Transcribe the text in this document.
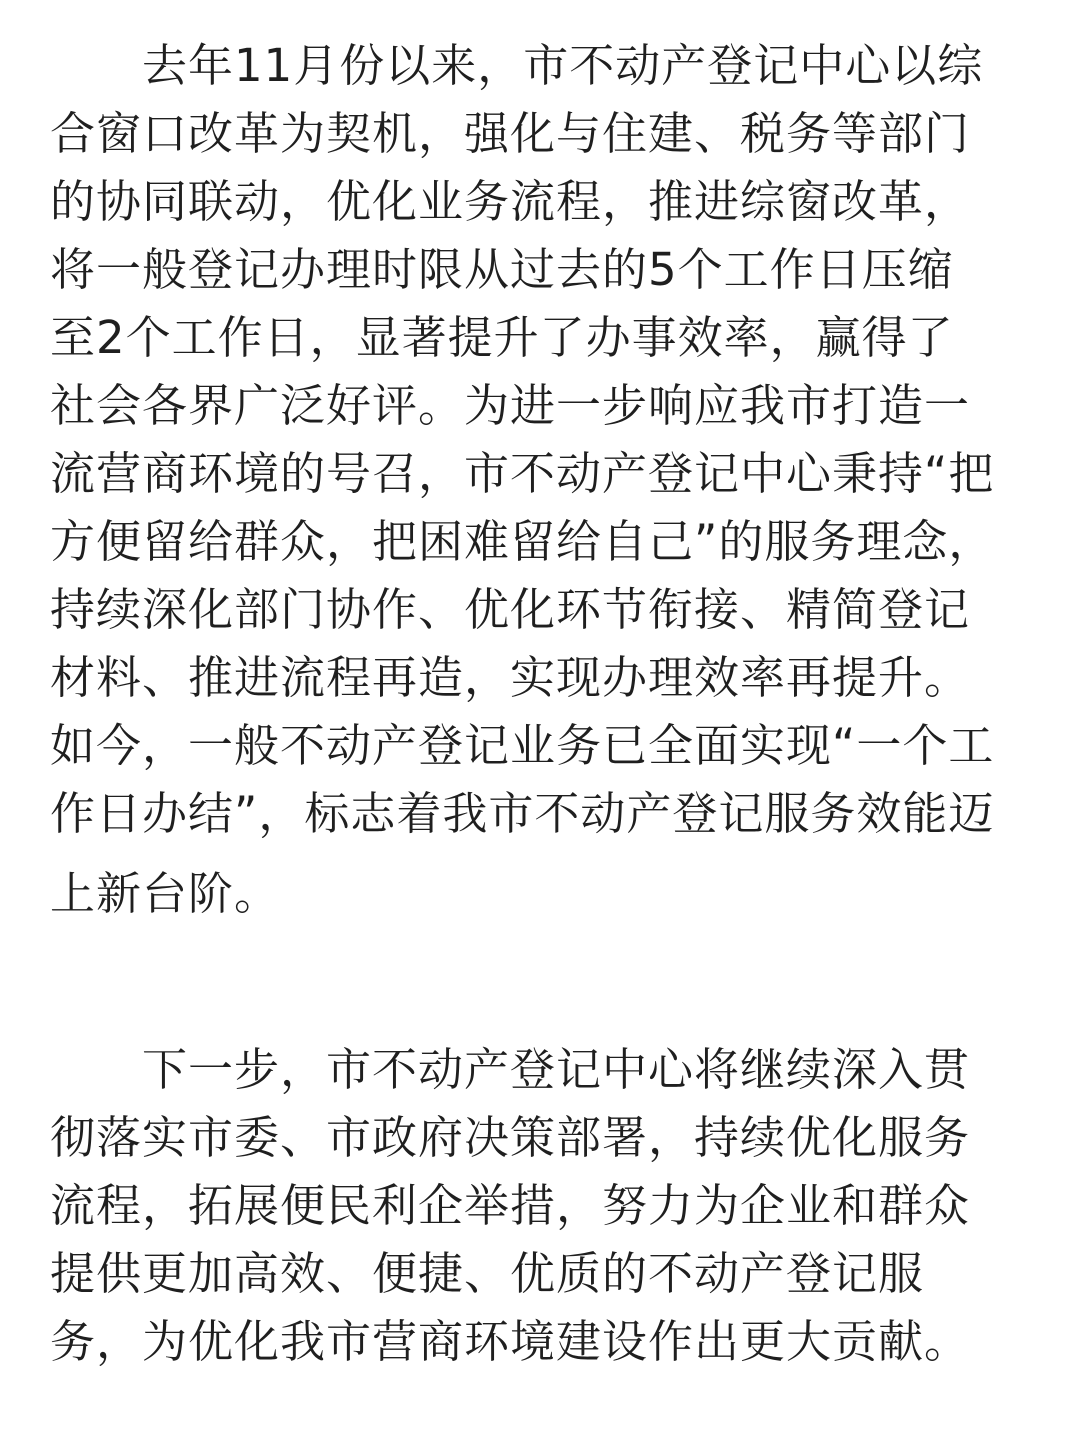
去年11月份以来，市不动产登记中心以综
合窗口改革为契机，强化与住建、税务等部门
的协同联动，优化业务流程，推进综窗改革，
将一般登记办理时限从过去的5个工作日压缩
至2个工作日，显著提升了办事效率，赢得了
社会各界广泛好评。为进一步响应我市打造一
流营商环境的号召，市不动产登记中心秉持“把
方便留给群众，把困难留给自己”的服务理念，
持续深化部门协作、优化环节衔接、精简登记
材料、推进流程再造，实现办理效率再提升。
如今，一般不动产登记业务已全面实现“一个工
作日办结”，标志着我市不动产登记服务效能迈
上新台阶。
下一步，市不动产登记中心将继续深入贯
彻落实市委、市政府决策部署，持续优化服务
流程，拓展便民利企举措，努力为企业和群众
提供更加高效、便捷、优质的不动产登记服
务，为优化我市营商环境建设作出更大贡献。
